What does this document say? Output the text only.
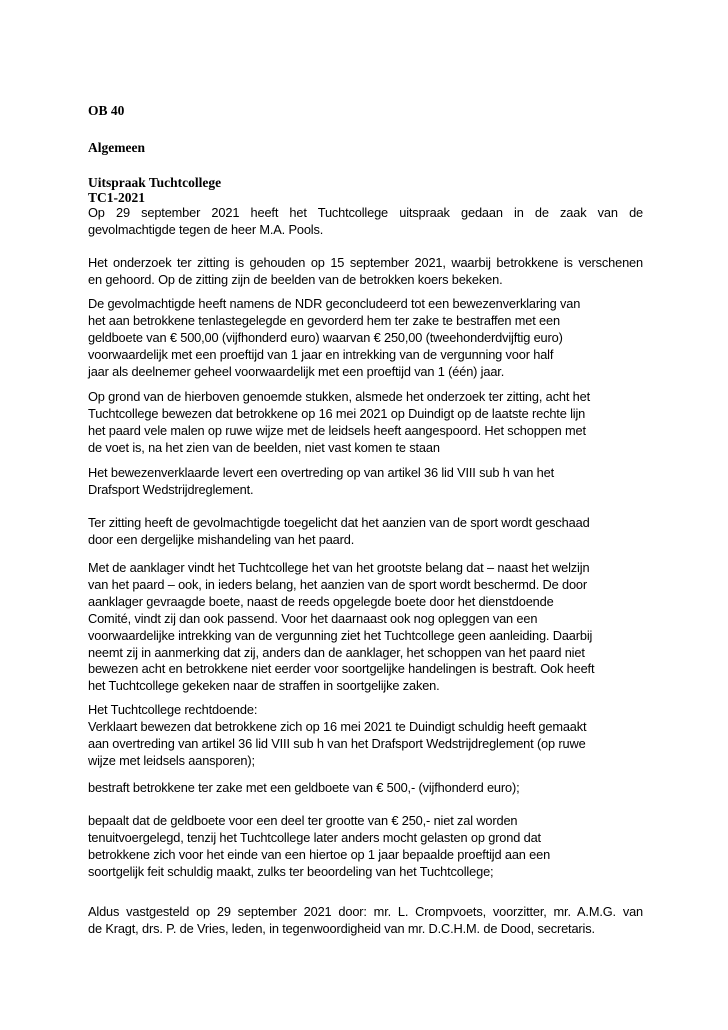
OB 40
Algemeen
Uitspraak Tuchtcollege
TC1-2021
Op 29 september 2021 heeft het Tuchtcollege uitspraak gedaan in de zaak van de
gevolmachtigde tegen de heer M.A. Pools.
Het onderzoek ter zitting is gehouden op 15 september 2021, waarbij betrokkene is verschenen
en gehoord. Op de zitting zijn de beelden van de betrokken koers bekeken.
De gevolmachtigde heeft namens de NDR geconcludeerd tot een bewezenverklaring van
het aan betrokkene tenlastegelegde en gevorderd hem ter zake te bestraffen met een
geldboete van € 500,00 (vijfhonderd euro) waarvan € 250,00 (tweehonderdvijftig euro)
voorwaardelijk met een proeftijd van 1 jaar en intrekking van de vergunning voor half
jaar als deelnemer geheel voorwaardelijk met een proeftijd van 1 (één) jaar.
Op grond van de hierboven genoemde stukken, alsmede het onderzoek ter zitting, acht het
Tuchtcollege bewezen dat betrokkene op 16 mei 2021 op Duindigt op de laatste rechte lijn
het paard vele malen op ruwe wijze met de leidsels heeft aangespoord. Het schoppen met
de voet is, na het zien van de beelden, niet vast komen te staan
Het bewezenverklaarde levert een overtreding op van artikel 36 lid VIII sub h van het
Drafsport Wedstrijdreglement.
Ter zitting heeft de gevolmachtigde toegelicht dat het aanzien van de sport wordt geschaad
door een dergelijke mishandeling van het paard.
Met de aanklager vindt het Tuchtcollege het van het grootste belang dat – naast het welzijn
van het paard – ook, in ieders belang, het aanzien van de sport wordt beschermd. De door
aanklager gevraagde boete, naast de reeds opgelegde boete door het dienstdoende
Comité, vindt zij dan ook passend. Voor het daarnaast ook nog opleggen van een
voorwaardelijke intrekking van de vergunning ziet het Tuchtcollege geen aanleiding. Daarbij
neemt zij in aanmerking dat zij, anders dan de aanklager, het schoppen van het paard niet
bewezen acht en betrokkene niet eerder voor soortgelijke handelingen is bestraft. Ook heeft
het Tuchtcollege gekeken naar de straffen in soortgelijke zaken.
Het Tuchtcollege rechtdoende:
Verklaart bewezen dat betrokkene zich op 16 mei 2021 te Duindigt schuldig heeft gemaakt
aan overtreding van artikel 36 lid VIII sub h van het Drafsport Wedstrijdreglement (op ruwe
wijze met leidsels aansporen);
bestraft betrokkene ter zake met een geldboete van € 500,- (vijfhonderd euro);
bepaalt dat de geldboete voor een deel ter grootte van € 250,- niet zal worden
tenuitvoergelegd, tenzij het Tuchtcollege later anders mocht gelasten op grond dat
betrokkene zich voor het einde van een hiertoe op 1 jaar bepaalde proeftijd aan een
soortgelijk feit schuldig maakt, zulks ter beoordeling van het Tuchtcollege;
Aldus vastgesteld op 29 september 2021 door: mr. L. Crompvoets, voorzitter, mr. A.M.G. van
de Kragt, drs. P. de Vries, leden, in tegenwoordigheid van mr. D.C.H.M. de Dood, secretaris.
